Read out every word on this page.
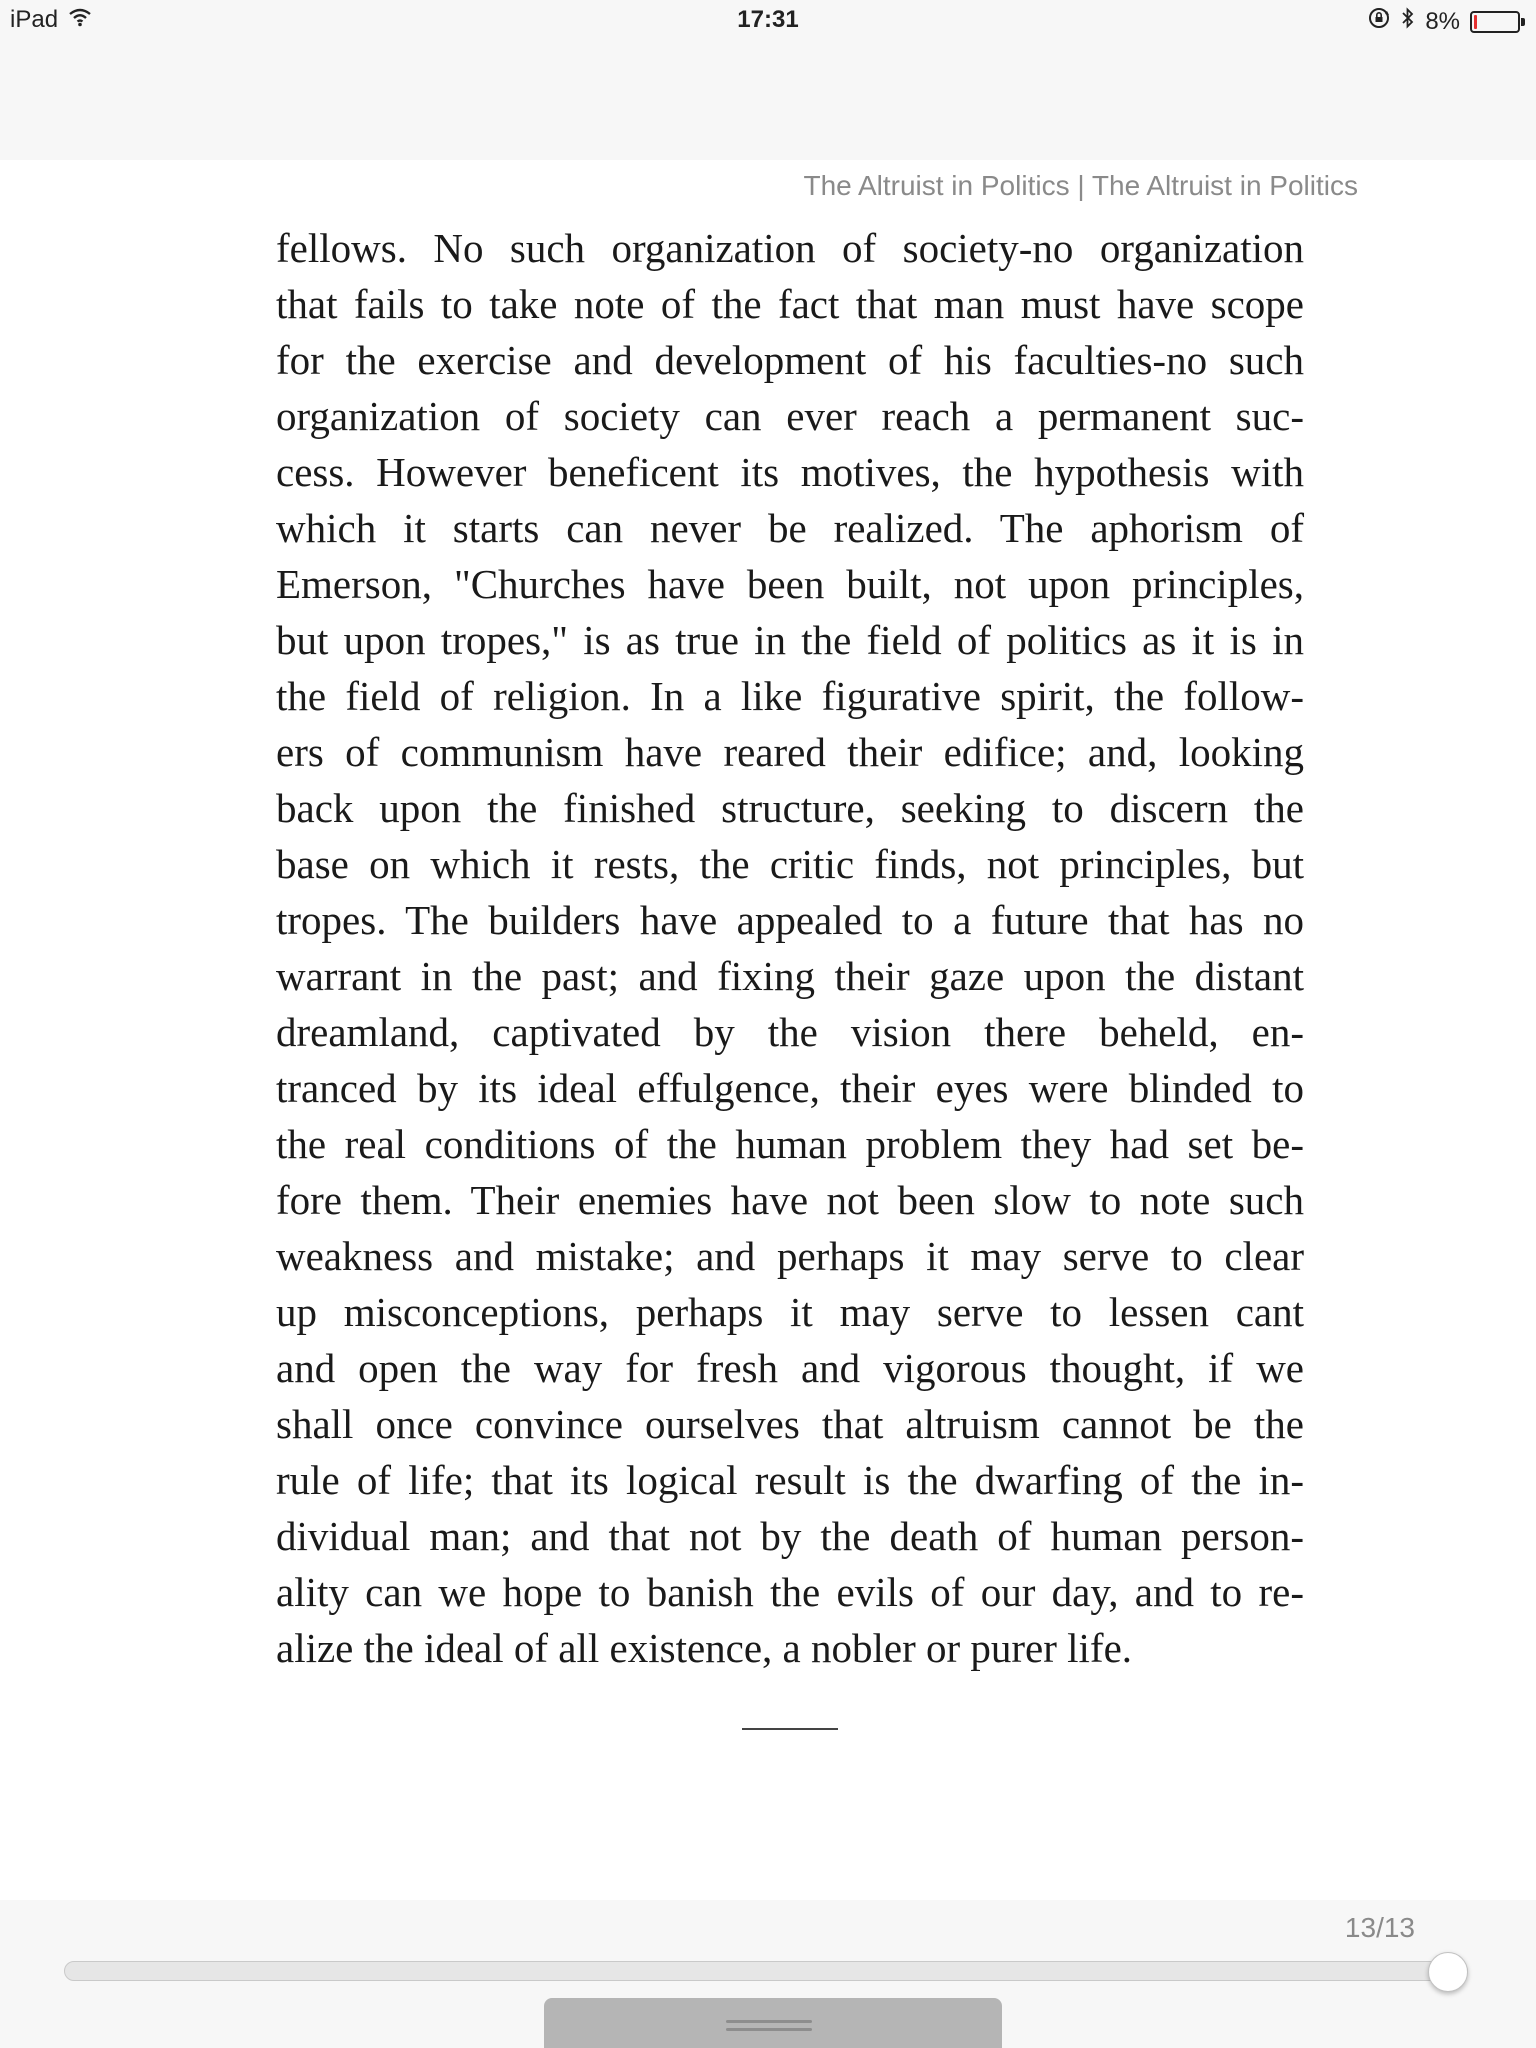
iPad	17:31	8%
The Altruist in Politics | The Altruist in Politics
fellows. No such organization of society-no organization
that fails to take note of the fact that man must have scope
for the exercise and development of his faculties-no such
organization of society can ever reach a permanent suc-
cess. However beneficent its motives, the hypothesis with
which it starts can never be realized. The aphorism of
Emerson, "Churches have been built, not upon principles,
but upon tropes," is as true in the field of politics as it is in
the field of religion. In a like figurative spirit, the follow-
ers of communism have reared their edifice; and, looking
back upon the finished structure, seeking to discern the
base on which it rests, the critic finds, not principles, but
tropes. The builders have appealed to a future that has no
warrant in the past; and fixing their gaze upon the distant
dreamland, captivated by the vision there beheld, en-
tranced by its ideal effulgence, their eyes were blinded to
the real conditions of the human problem they had set be-
fore them. Their enemies have not been slow to note such
weakness and mistake; and perhaps it may serve to clear
up misconceptions, perhaps it may serve to lessen cant
and open the way for fresh and vigorous thought, if we
shall once convince ourselves that altruism cannot be the
rule of life; that its logical result is the dwarfing of the in-
dividual man; and that not by the death of human person-
ality can we hope to banish the evils of our day, and to re-
alize the ideal of all existence, a nobler or purer life.
13/13
